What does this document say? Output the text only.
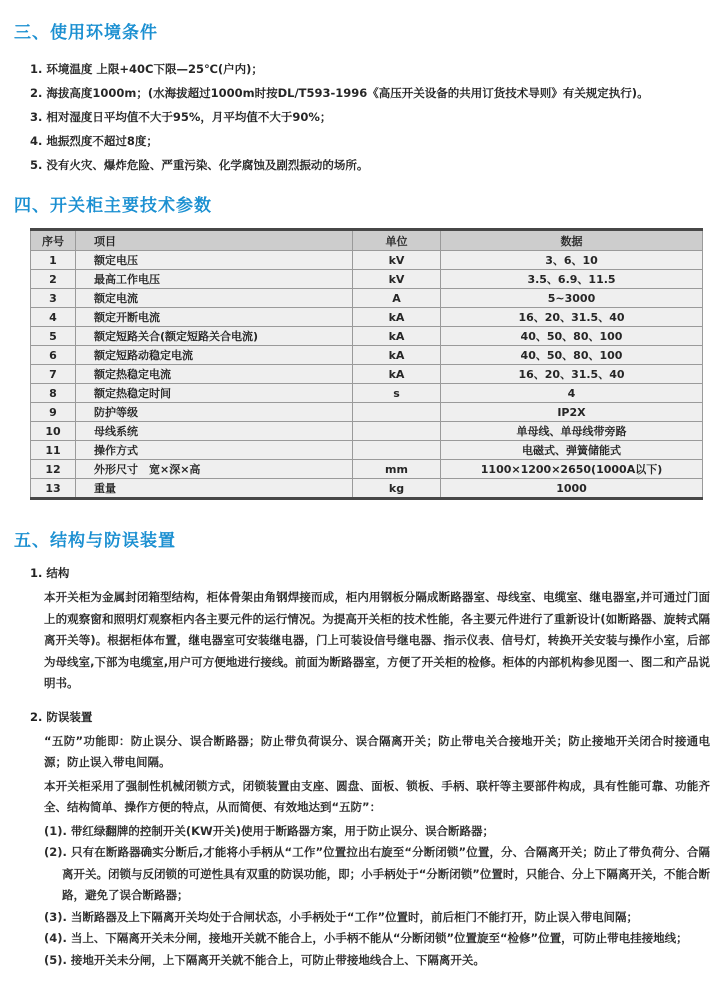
三、使用环境条件
1. 环境温度 上限+40C下限—25℃(户内)；
2. 海拔高度1000m；(水海拔超过1000m时按DL/T593-1996《高压开关设备的共用订货技术导则》有关规定执行)。
3. 相对湿度日平均值不大于95%，月平均值不大于90%；
4. 地振烈度不超过8度；
5. 没有火灾、爆炸危险、严重污染、化学腐蚀及剧烈振动的场所。
四、开关柜主要技术参数
序号	项目	单位	数据
1	额定电压	kV	3、6、10
2	最高工作电压	kV	3.5、6.9、11.5
3	额定电流	A	5~3000
4	额定开断电流	kA	16、20、31.5、40
5	额定短路关合(额定短路关合电流)	kA	40、50、80、100
6	额定短路动稳定电流	kA	40、50、80、100
7	额定热稳定电流	kA	16、20、31.5、40
8	额定热稳定时间	s	4
9	防护等级		IP2X
10	母线系统		单母线、单母线带旁路
11	操作方式		电磁式、弹簧储能式
12	外形尺寸　宽×深×高	mm	1100×1200×2650(1000A以下)
13	重量	kg	1000
五、结构与防误装置
1. 结构
本开关柜为金属封闭箱型结构，柜体骨架由角钢焊接而成，柜内用钢板分隔成断路器室、母线室、电缆室、继电器室,并可通过门面上的观察窗和照明灯观察柜内各主要元件的运行情况。为提高开关柜的技术性能，各主要元件进行了重新设计(如断路器、旋转式隔离开关等)。根据柜体布置，继电器室可安装继电器，门上可装设信号继电器、指示仪表、信号灯，转换开关安装与操作小室，后部为母线室,下部为电缆室,用户可方便地进行接线。前面为断路器室，方便了开关柜的检修。柜体的内部机构参见图一、图二和产品说明书。
2. 防误装置
“五防”功能即：防止误分、误合断路器；防止带负荷误分、误合隔离开关；防止带电关合接地开关；防止接地开关闭合时接通电源；防止误入带电间隔。
本开关柜采用了强制性机械闭锁方式，闭锁装置由支座、圆盘、面板、锁板、手柄、联杆等主要部件构成，具有性能可靠、功能齐全、结构简单、操作方便的特点，从而简便、有效地达到“五防”：
(1). 带红绿翻牌的控制开关(KW开关)使用于断路器方案，用于防止误分、误合断路器；
(2). 只有在断路器确实分断后,才能将小手柄从“工作”位置拉出右旋至“分断闭锁”位置，分、合隔离开关；防止了带负荷分、合隔离开关。闭锁与反闭锁的可逆性具有双重的防误功能，即；小手柄处于“分断闭锁”位置时，只能合、分上下隔离开关，不能合断路，避免了误合断路器；
(3). 当断路器及上下隔离开关均处于合闸状态，小手柄处于“工作”位置时，前后柜门不能打开，防止误入带电间隔；
(4). 当上、下隔离开关未分闸，接地开关就不能合上，小手柄不能从“分断闭锁”位置旋至“检修”位置，可防止带电挂接地线；
(5). 接地开关未分闸，上下隔离开关就不能合上，可防止带接地线合上、下隔离开关。
